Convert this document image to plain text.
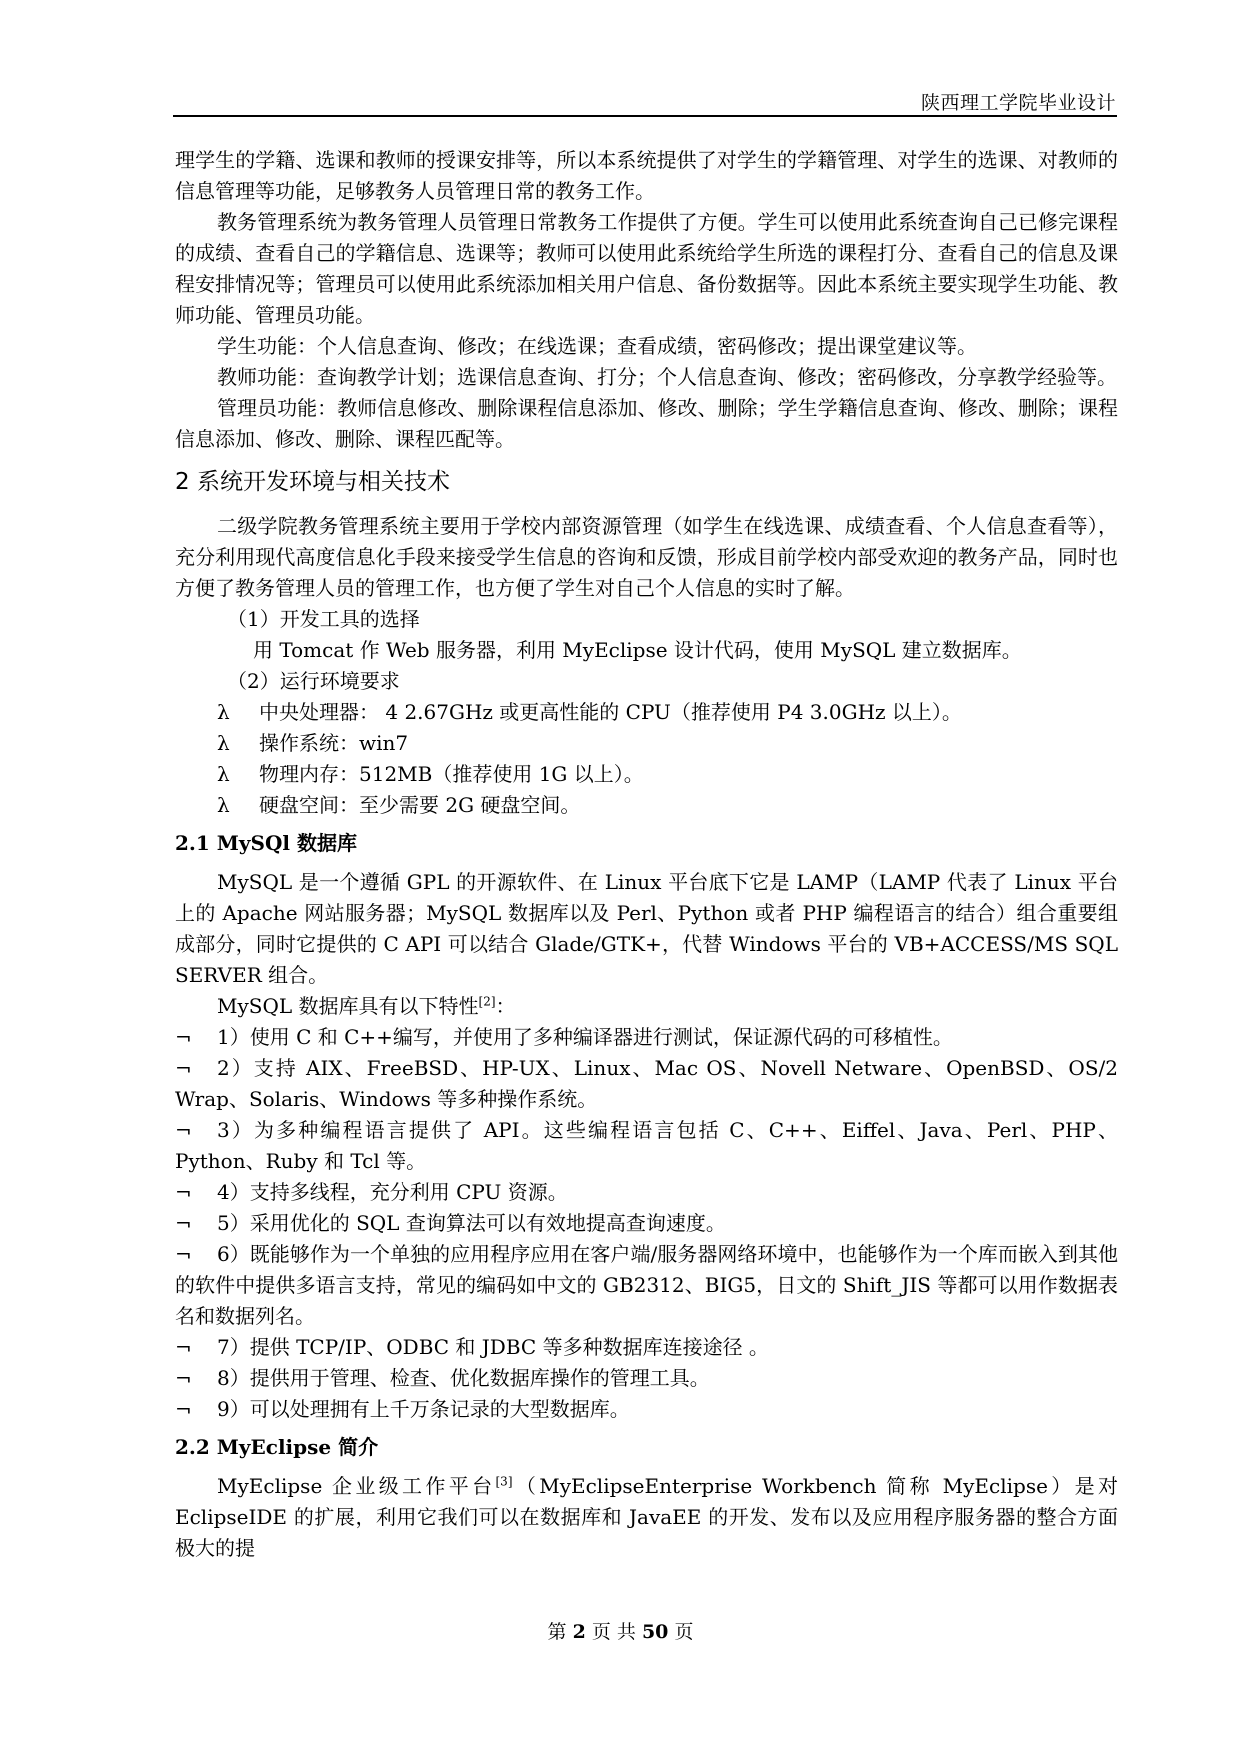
陕西理工学院毕业设计

理学生的学籍、选课和教师的授课安排等，所以本系统提供了对学生的学籍管理、对学生的选课、对教师的信息管理等功能，足够教务人员管理日常的教务工作。

教务管理系统为教务管理人员管理日常教务工作提供了方便。学生可以使用此系统查询自己已修完课程的成绩、查看自己的学籍信息、选课等；教师可以使用此系统给学生所选的课程打分、查看自己的信息及课程安排情况等；管理员可以使用此系统添加相关用户信息、备份数据等。因此本系统主要实现学生功能、教师功能、管理员功能。

学生功能：个人信息查询、修改；在线选课；查看成绩，密码修改；提出课堂建议等。

教师功能：查询教学计划；选课信息查询、打分；个人信息查询、修改；密码修改，分享教学经验等。

管理员功能：教师信息修改、删除课程信息添加、修改、删除；学生学籍信息查询、修改、删除；课程信息添加、修改、删除、课程匹配等。

2 系统开发环境与相关技术

二级学院教务管理系统主要用于学校内部资源管理（如学生在线选课、成绩查看、个人信息查看等），充分利用现代高度信息化手段来接受学生信息的咨询和反馈，形成目前学校内部受欢迎的教务产品，同时也方便了教务管理人员的管理工作，也方便了学生对自己个人信息的实时了解。

（1）开发工具的选择

用 Tomcat 作 Web 服务器，利用 MyEclipse 设计代码，使用 MySQL 建立数据库。

（2）运行环境要求

λ	中央处理器： 4 2.67GHz 或更高性能的 CPU（推荐使用 P4 3.0GHz 以上）。
λ	操作系统：win7
λ	物理内存：512MB（推荐使用 1G 以上）。
λ	硬盘空间：至少需要 2G 硬盘空间。
2.1 MySQl 数据库

MySQL 是一个遵循 GPL 的开源软件、在 Linux 平台底下它是 LAMP（LAMP 代表了 Linux 平台上的 Apache 网站服务器；MySQL 数据库以及 Perl、Python 或者 PHP 编程语言的结合）组合重要组成部分，同时它提供的 C API 可以结合 Glade/GTK+，代替 Windows 平台的 VB+ACCESS/MS SQL SERVER 组合。

MySQL 数据库具有以下特性[2]：

¬ 1）使用 C 和 C++编写，并使用了多种编译器进行测试，保证源代码的可移植性。

¬ 2）支持 AIX、FreeBSD、HP-UX、Linux、Mac OS、Novell Netware、OpenBSD、OS/2 Wrap、Solaris、Windows 等多种操作系统。

¬ 3）为多种编程语言提供了 API。这些编程语言包括 C、C++、Eiffel、Java、Perl、PHP、Python、Ruby 和 Tcl 等。

¬ 4）支持多线程，充分利用 CPU 资源。

¬ 5）采用优化的 SQL 查询算法可以有效地提高查询速度。

¬ 6）既能够作为一个单独的应用程序应用在客户端/服务器网络环境中，也能够作为一个库而嵌入到其他的软件中提供多语言支持，常见的编码如中文的 GB2312、BIG5，日文的 Shift_JIS 等都可以用作数据表名和数据列名。

¬ 7）提供 TCP/IP、ODBC 和 JDBC 等多种数据库连接途径 。

¬ 8）提供用于管理、检查、优化数据库操作的管理工具。

¬ 9）可以处理拥有上千万条记录的大型数据库。

2.2 MyEclipse 简介

MyEclipse 企业级工作平台[3]（MyEclipseEnterprise Workbench 简称 MyEclipse）是对 EclipseIDE 的扩展，利用它我们可以在数据库和 JavaEE 的开发、发布以及应用程序服务器的整合方面极大的提

第 2 页 共 50 页
